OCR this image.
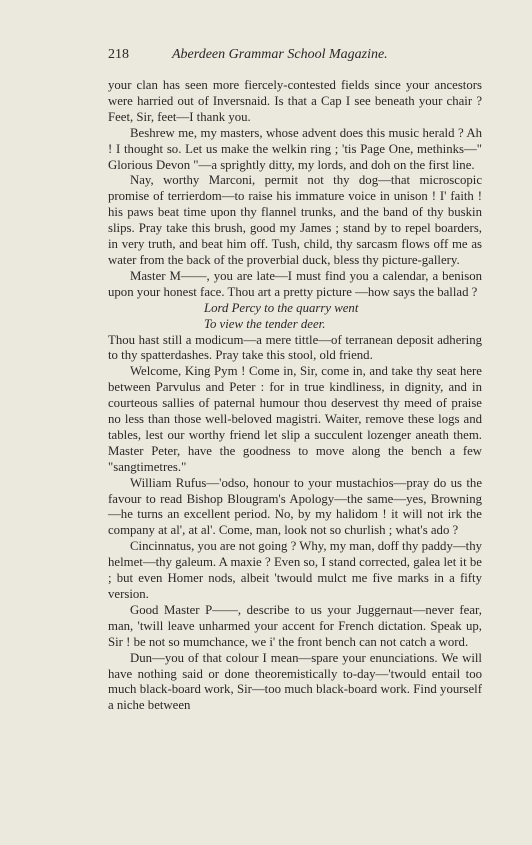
218	Aberdeen Grammar School Magazine.

your clan has seen more fiercely-contested fields since your ancestors were harried out of Inversnaid. Is that a Cap I see beneath your chair ? Feet, Sir, feet—I thank you.

Beshrew me, my masters, whose advent does this music herald ? Ah ! I thought so. Let us make the welkin ring ; 'tis Page One, methinks—" Glorious Devon "—a sprightly ditty, my lords, and doh on the first line.

Nay, worthy Marconi, permit not thy dog—that microscopic promise of terrierdom—to raise his immature voice in unison ! I' faith ! his paws beat time upon thy flannel trunks, and the band of thy buskin slips. Pray take this brush, good my James ; stand by to repel boarders, in very truth, and beat him off. Tush, child, thy sarcasm flows off me as water from the back of the proverbial duck, bless thy picture-gallery.

Master M——, you are late—I must find you a calendar, a benison upon your honest face. Thou art a pretty picture —how says the ballad ?

Lord Percy to the quarry went
To view the tender deer.

Thou hast still a modicum—a mere tittle—of terranean deposit adhering to thy spatterdashes. Pray take this stool, old friend.

Welcome, King Pym ! Come in, Sir, come in, and take thy seat here between Parvulus and Peter : for in true kindliness, in dignity, and in courteous sallies of paternal humour thou deservest thy meed of praise no less than those well-beloved magistri. Waiter, remove these logs and tables, lest our worthy friend let slip a succulent lozenger aneath them. Master Peter, have the goodness to move along the bench a few "sangtimetres."

William Rufus—'odso, honour to your mustachios—pray do us the favour to read Bishop Blougram's Apology—the same—yes, Browning—he turns an excellent period. No, by my halidom ! it will not irk the company at al', at al'. Come, man, look not so churlish ; what's ado ?

Cincinnatus, you are not going ? Why, my man, doff thy paddy—thy helmet—thy galeum. A maxie ? Even so, I stand corrected, galea let it be ; but even Homer nods, albeit 'twould mulct me five marks in a fifty version.

Good Master P——, describe to us your Juggernaut—never fear, man, 'twill leave unharmed your accent for French dictation. Speak up, Sir ! be not so mumchance, we i' the front bench can not catch a word.

Dun—you of that colour I mean—spare your enunciations. We will have nothing said or done theoremistically to-day—'twould entail too much black-board work, Sir—too much black-board work. Find yourself a niche between
